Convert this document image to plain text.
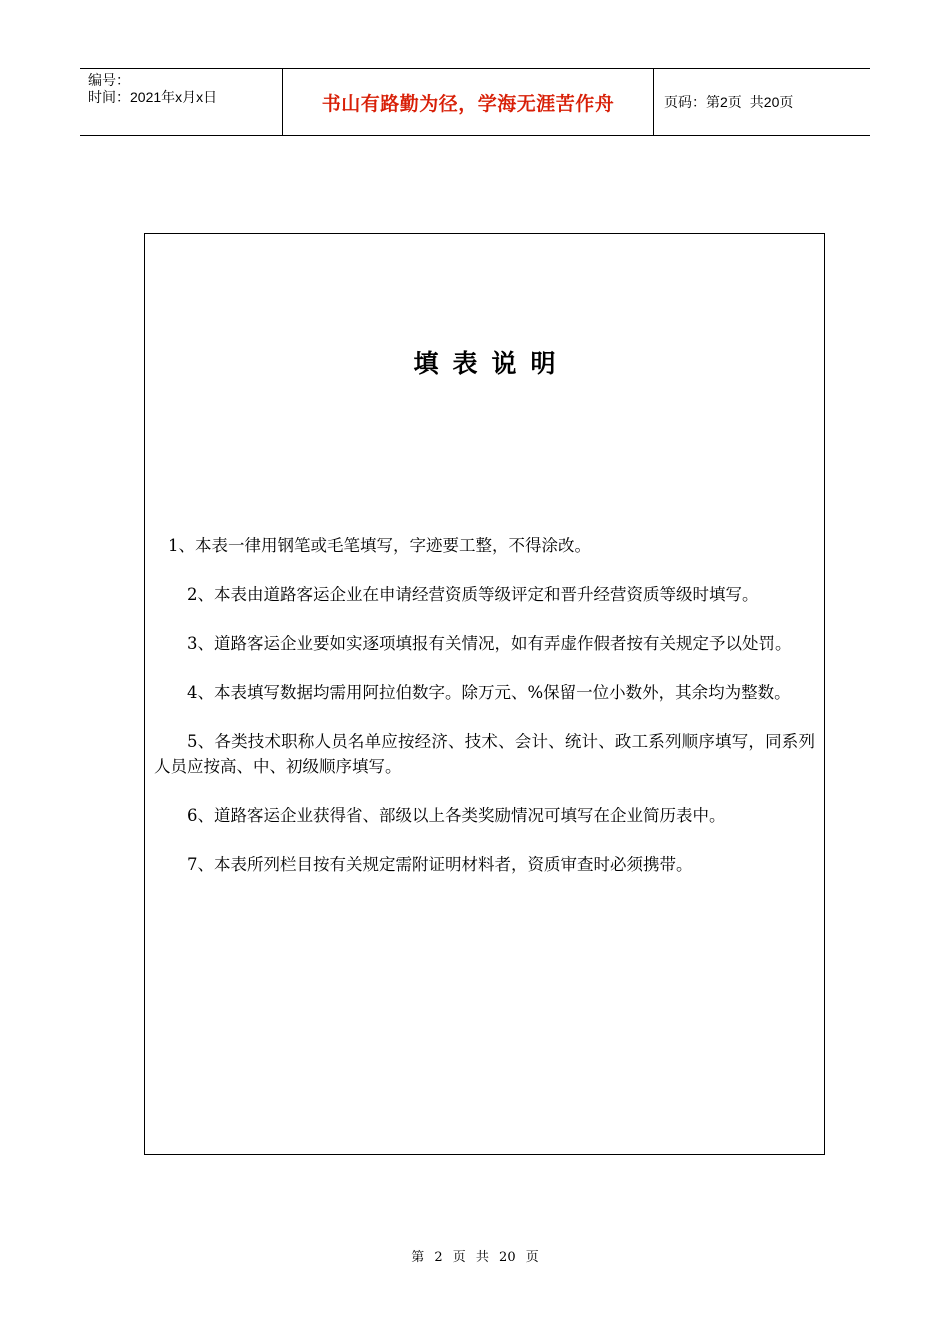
编号：
时间：2021年x月x日	书山有路勤为径，学海无涯苦作舟	页码：第2页 共20页
填表说明

1、本表一律用钢笔或毛笔填写，字迹要工整，不得涂改。

2、本表由道路客运企业在申请经营资质等级评定和晋升经营资质等级时填写。

3、道路客运企业要如实逐项填报有关情况，如有弄虚作假者按有关规定予以处罚。

4、本表填写数据均需用阿拉伯数字。除万元、%保留一位小数外，其余均为整数。

5、各类技术职称人员名单应按经济、技术、会计、统计、政工系列顺序填写，同系列人员应按高、中、初级顺序填写。

6、道路客运企业获得省、部级以上各类奖励情况可填写在企业简历表中。

7、本表所列栏目按有关规定需附证明材料者，资质审查时必须携带。

第 2 页 共 20 页
